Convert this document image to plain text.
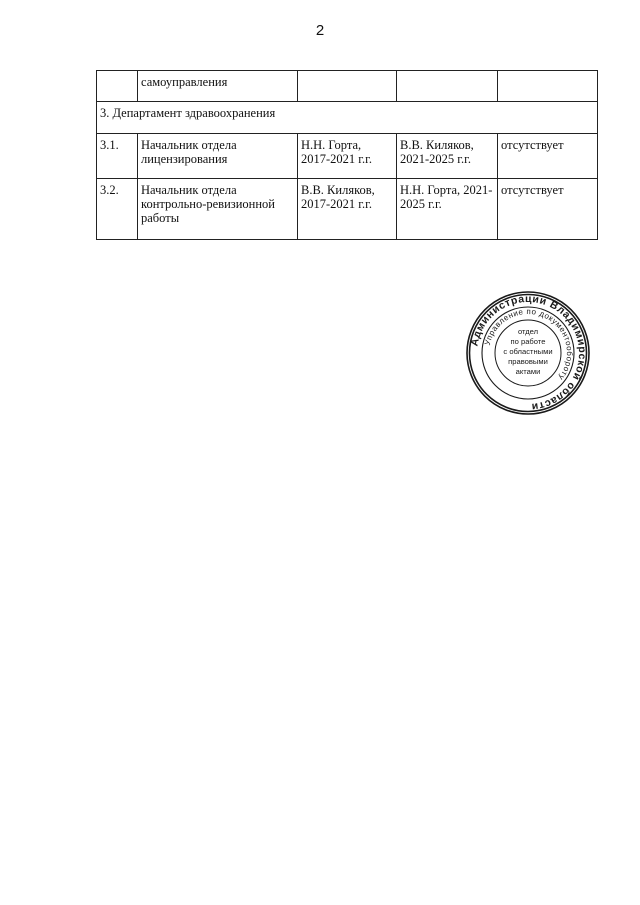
2
	самоуправления			
3. Департамент здравоохранения				
3.1.	Начальник отдела лицензирования	Н.Н. Горта, 2017-2021 г.г.	В.В. Киляков, 2021-2025 г.г.	отсутствует
3.2.	Начальник отдела контрольно-ревизионной работы	В.В. Киляков, 2017-2021 г.г.	Н.Н. Горта, 2021-2025 г.г.	отсутствует
Администрации Владимирской области
Управление по документообороту
отдел
по работе
с областными
правовыми
актами
